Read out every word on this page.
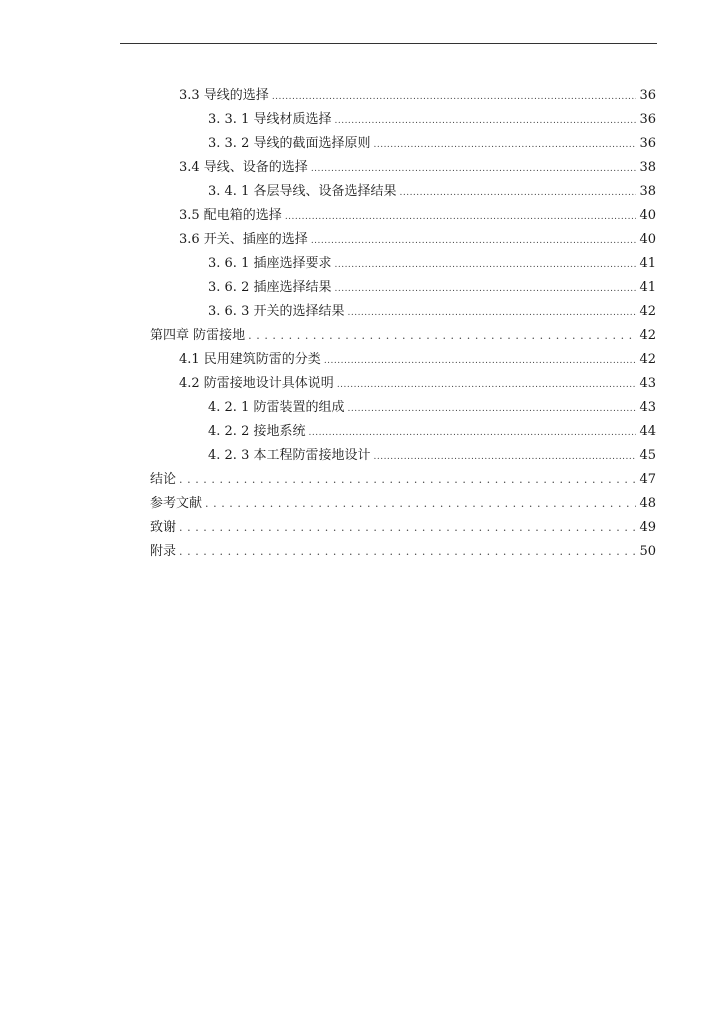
3.3 导线的选择 .....	36
3. 3. 1 导线材质选择 .....	36
3. 3. 2 导线的截面选择原则 .....	36
3.4 导线、设备的选择 .....	38
3. 4. 1 各层导线、设备选择结果 .....	38
3.5 配电箱的选择 .....	40
3.6 开关、插座的选择 .....	40
3. 6. 1 插座选择要求 .....	41
3. 6. 2 插座选择结果 .....	41
3. 6. 3 开关的选择结果 .....	42
第四章 防雷接地 .....	42
4.1 民用建筑防雷的分类 .....	42
4.2 防雷接地设计具体说明 .....	43
4. 2. 1 防雷装置的组成 .....	43
4. 2. 2 接地系统 .....	44
4. 2. 3 本工程防雷接地设计 .....	45
结论 .....	47
参考文献 .....	48
致谢 .....	49
附录 .....	50
